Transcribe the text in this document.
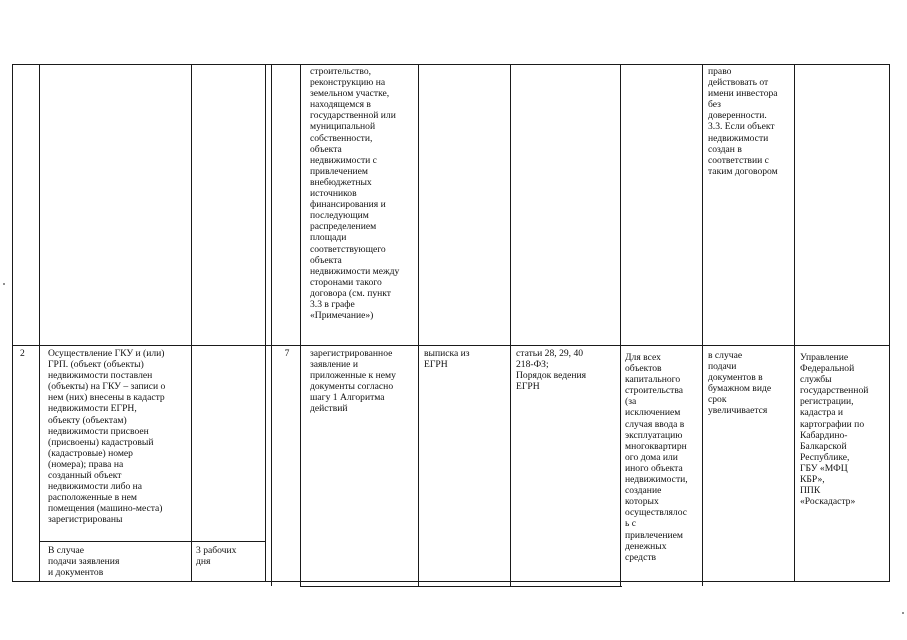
строительство,

реконструкцию на

земельном участке,

находящемся в

государственной или

муниципальной

собственности,

объекта

недвижимости с

привлечением

внебюджетных

источников

финансирования и

последующим

распределением

площади

соответствующего

объекта

недвижимости между

сторонами такого

договора (см. пункт

3.3 в графе

«Примечание»)

право

действовать от

имени инвестора

без

доверенности.

3.3. Если объект

недвижимости

создан в

соответствии с

таким договором

2	Осуществление ГКУ и (или)

ГРП. (объект (объекты)

недвижимости поставлен

(объекты) на ГКУ – записи о

нем (них) внесены в кадастр

недвижимости ЕГРН,

объекту (объектам)

недвижимости присвоен

(присвоены) кадастровый

(кадастровые) номер

(номера); права на

созданный объект

недвижимости либо на

расположенные в нем

помещения (машино-места)

зарегистрированы

В случае

подачи заявления

и документов

3 рабочих

дня

7	зарегистрированное

заявление и

приложенные к нему

документы согласно

шагу 1 Алгоритма

действий

выписка из

ЕГРН

статьи 28, 29, 40

218-ФЗ;

Порядок ведения

ЕГРН

Для всех

объектов

капитального

строительства

(за

исключением

случая ввода в

эксплуатацию

многоквартирн

ого дома или

иного объекта

недвижимости,

создание

которых

осуществлялос

ь с

привлечением

денежных

средств

в случае

подачи

документов в

бумажном виде

срок

увеличивается

Управление

Федеральной

службы

государственной

регистрации,

кадастра и

картографии по

Кабардино-

Балкарской

Республике,

ГБУ «МФЦ

КБР»,

ППК

«Роскадастр»
